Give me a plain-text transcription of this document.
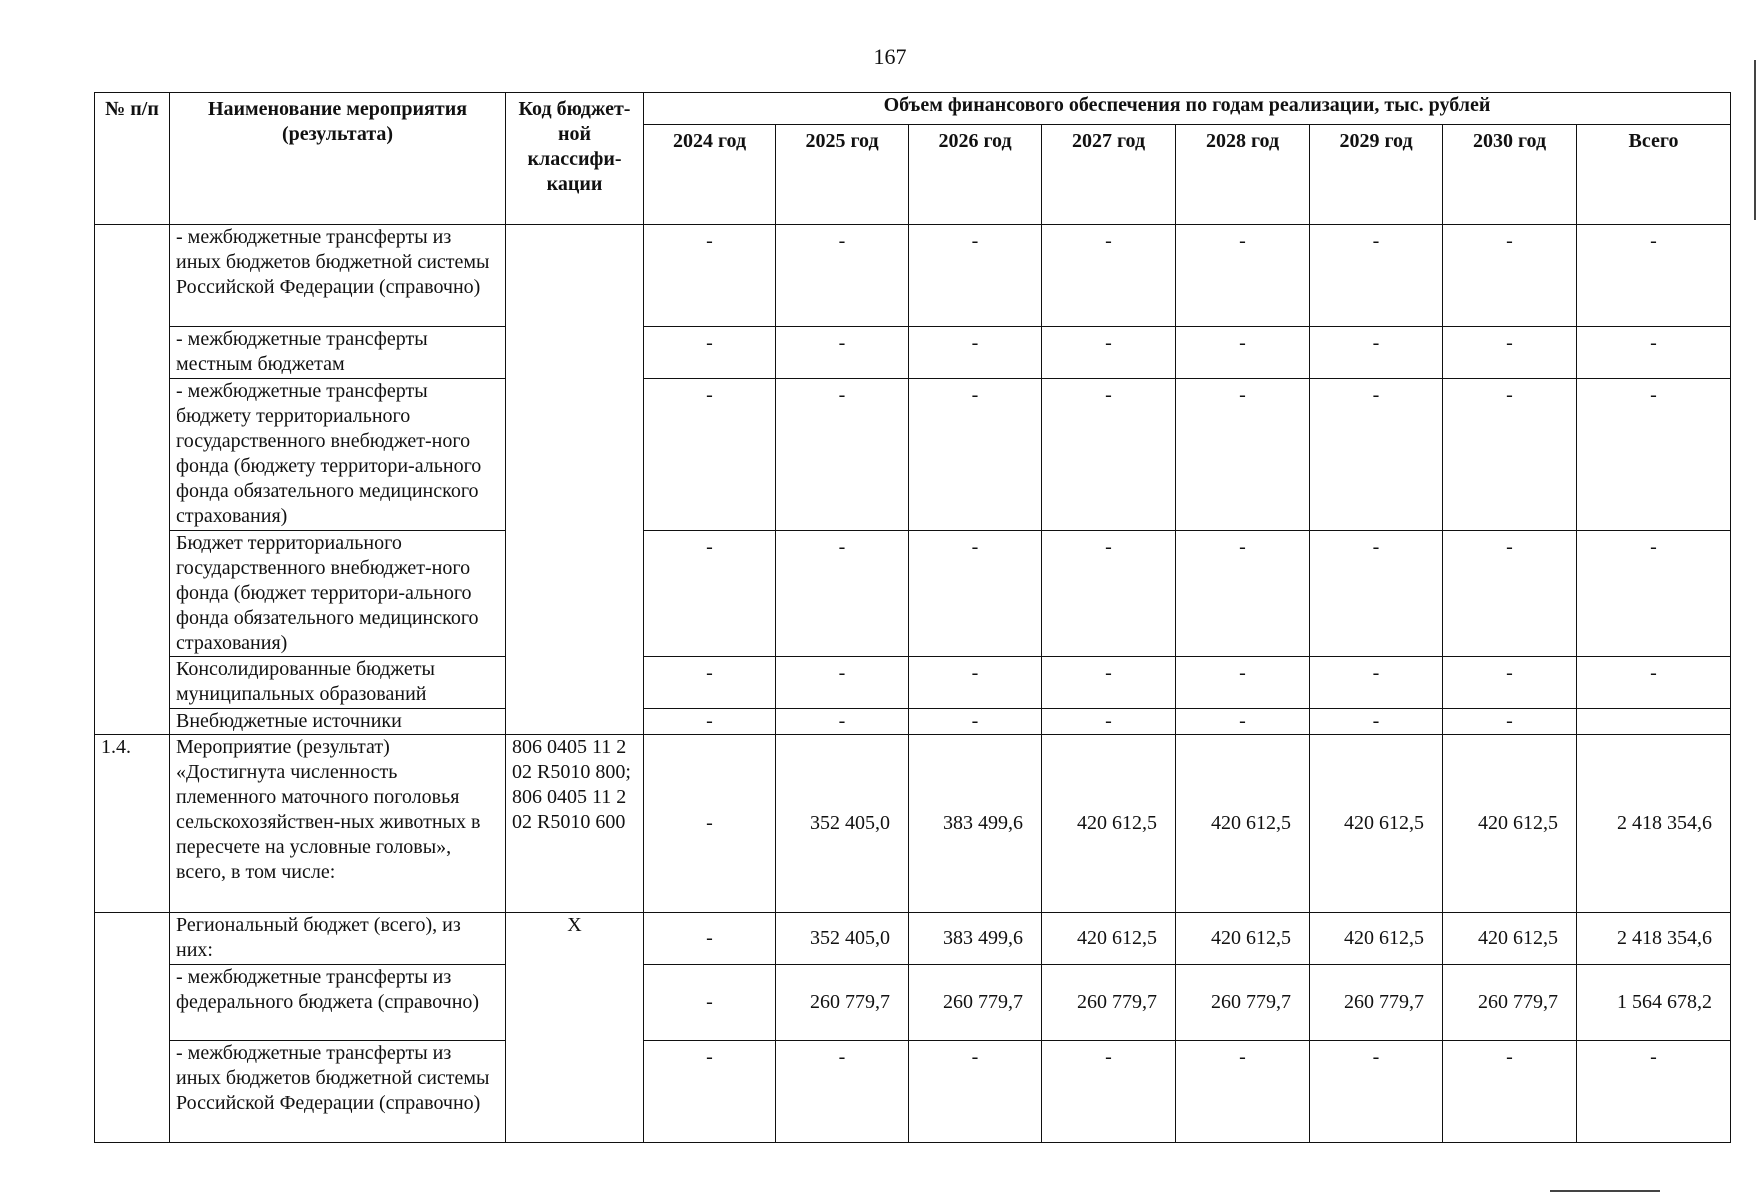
167
№ п/п	Наименование мероприятия (результата)	Код бюджет-ной классифи-кации	Объем финансового обеспечения по годам реализации, тыс. рублей							
			2024 год	2025 год	2026 год	2027 год	2028 год	2029 год	2030 год	Всего
	- межбюджетные трансферты из иных бюджетов бюджетной системы Российской Федерации (справочно)		-	-	-	-	-	-	-	-
	- межбюджетные трансферты местным бюджетам		-	-	-	-	-	-	-	-
	- межбюджетные трансферты бюджету территориального государственного внебюджет-ного фонда (бюджету территори-ального фонда обязательного медицинского страхования)		-	-	-	-	-	-	-	-
	Бюджет территориального государственного внебюджет-ного фонда (бюджет территори-ального фонда обязательного медицинского страхования)		-	-	-	-	-	-	-	-
	Консолидированные бюджеты муниципальных образований		-	-	-	-	-	-	-	-
	Внебюджетные источники		-	-	-	-	-	-	-	
1.4.	Мероприятие (результат) «Достигнута численность племенного маточного поголовья сельскохозяйствен-ных животных в пересчете на условные головы», всего, в том числе:	806 0405 11 2 02 R5010 800; 806 0405 11 2 02 R5010 600	-	352 405,0	383 499,6	420 612,5	420 612,5	420 612,5	420 612,5	2 418 354,6
	Региональный бюджет (всего), из них:	X	-	352 405,0	383 499,6	420 612,5	420 612,5	420 612,5	420 612,5	2 418 354,6
	- межбюджетные трансферты из федерального бюджета (справочно)		-	260 779,7	260 779,7	260 779,7	260 779,7	260 779,7	260 779,7	1 564 678,2
	- межбюджетные трансферты из иных бюджетов бюджетной системы Российской Федерации (справочно)		-	-	-	-	-	-	-	-
